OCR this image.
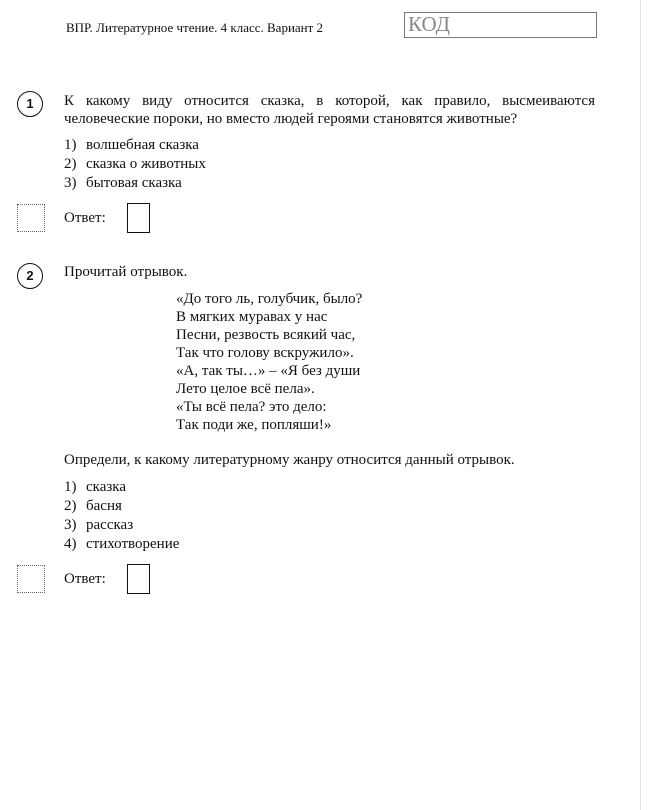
ВПР. Литературное чтение. 4 класс. Вариант 2	КОД
1	К какому виду относится сказка, в которой, как правило, высмеиваются
человеческие пороки, но вместо людей героями становятся животные?
1) волшебная сказка
2) сказка о животных
3) бытовая сказка
Ответ:
2	Прочитай отрывок.
«До того ль, голубчик, было?
В мягких муравах у нас
Песни, резвость всякий час,
Так что голову вскружило».
«А, так ты…» – «Я без души
Лето целое всё пела».
«Ты всё пела? это дело:
Так поди же, попляши!»
Определи, к какому литературному жанру относится данный отрывок.
1) сказка
2) басня
3) рассказ
4) стихотворение
Ответ:
